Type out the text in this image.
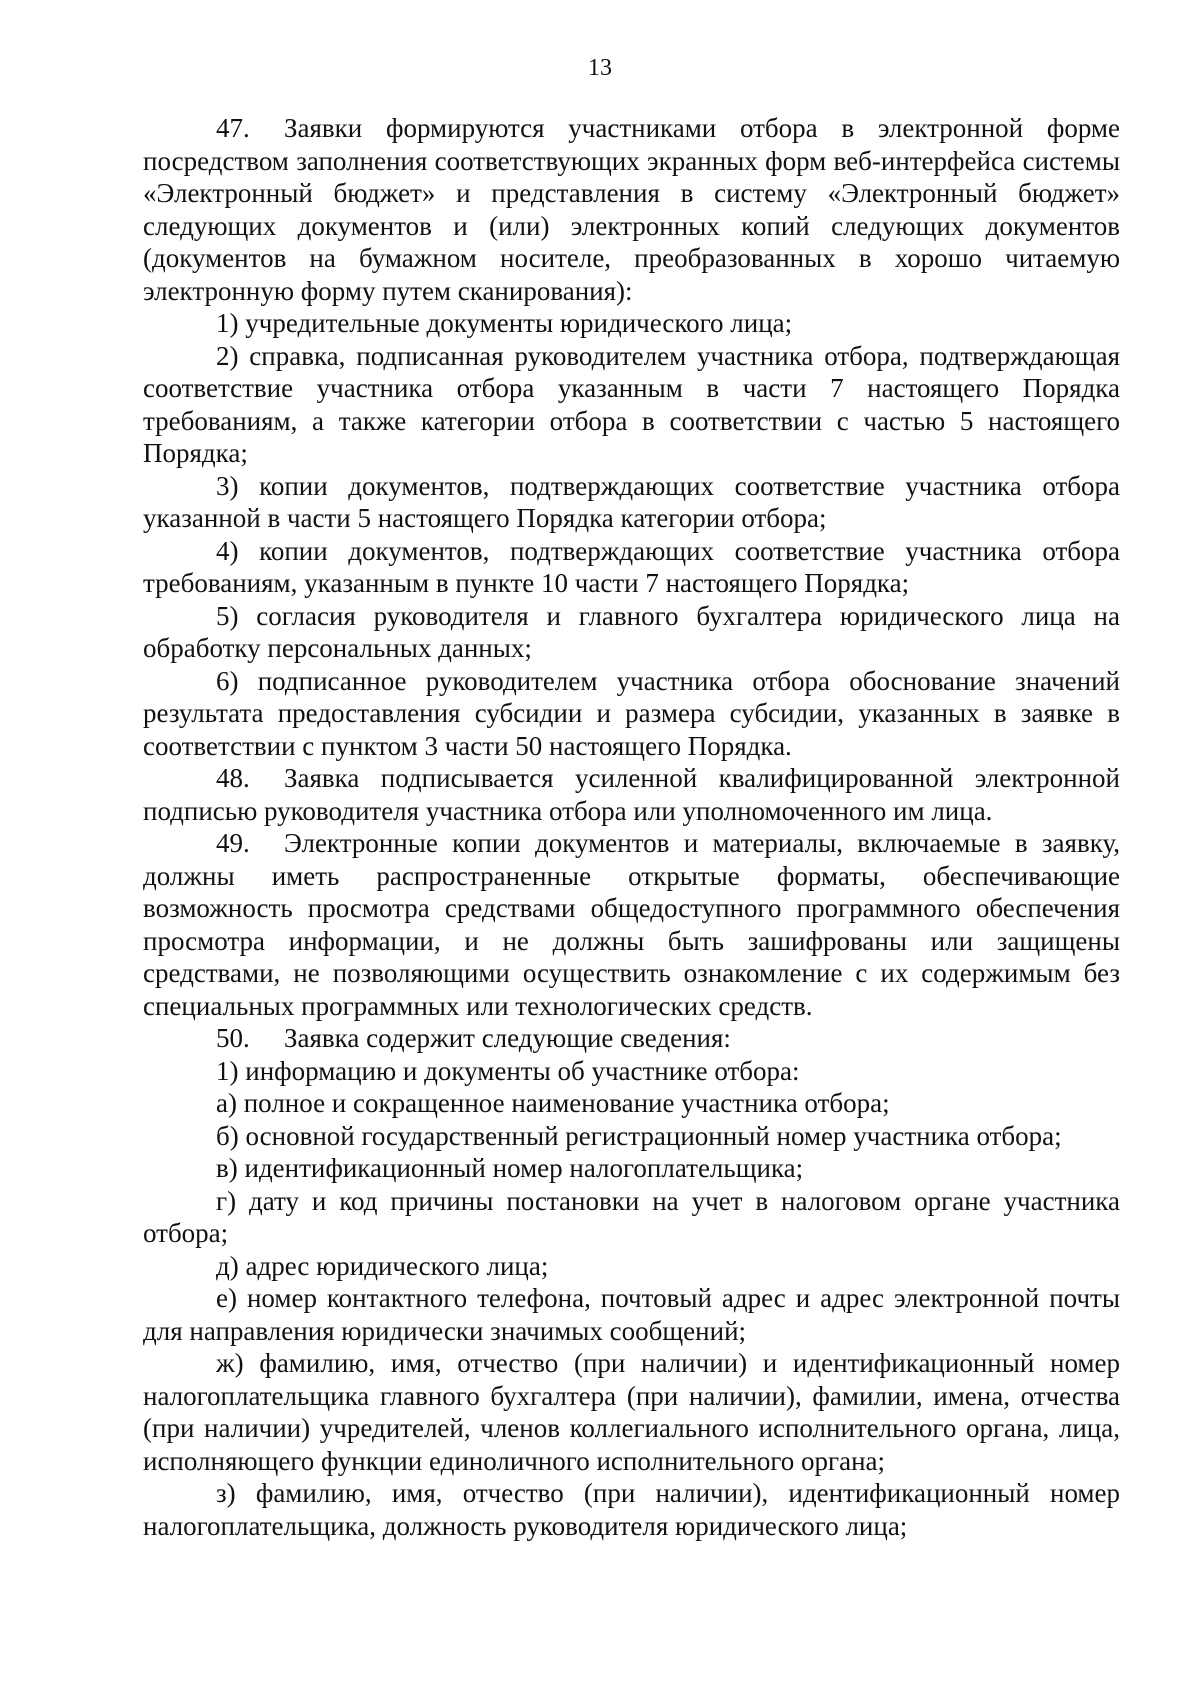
13

47. Заявки формируются участниками отбора в электронной форме посредством заполнения соответствующих экранных форм веб-интерфейса системы «Электронный бюджет» и представления в систему «Электронный бюджет» следующих документов и (или) электронных копий следующих документов (документов на бумажном носителе, преобразованных в хорошо читаемую электронную форму путем сканирования):

1) учредительные документы юридического лица;

2) справка, подписанная руководителем участника отбора, подтверждающая соответствие участника отбора указанным в части 7 настоящего Порядка требованиям, а также категории отбора в соответствии с частью 5 настоящего Порядка;

3) копии документов, подтверждающих соответствие участника отбора указанной в части 5 настоящего Порядка категории отбора;

4) копии документов, подтверждающих соответствие участника отбора требованиям, указанным в пункте 10 части 7 настоящего Порядка;

5) согласия руководителя и главного бухгалтера юридического лица на обработку персональных данных;

6) подписанное руководителем участника отбора обоснование значений результата предоставления субсидии и размера субсидии, указанных в заявке в соответствии с пунктом 3 части 50 настоящего Порядка.

48. Заявка подписывается усиленной квалифицированной электронной подписью руководителя участника отбора или уполномоченного им лица.

49. Электронные копии документов и материалы, включаемые в заявку, должны иметь распространенные открытые форматы, обеспечивающие возможность просмотра средствами общедоступного программного обеспечения просмотра информации, и не должны быть зашифрованы или защищены средствами, не позволяющими осуществить ознакомление с их содержимым без специальных программных или технологических средств.

50. Заявка содержит следующие сведения:

1) информацию и документы об участнике отбора:

а) полное и сокращенное наименование участника отбора;

б) основной государственный регистрационный номер участника отбора;

в) идентификационный номер налогоплательщика;

г) дату и код причины постановки на учет в налоговом органе участника отбора;

д) адрес юридического лица;

е) номер контактного телефона, почтовый адрес и адрес электронной почты для направления юридически значимых сообщений;

ж) фамилию, имя, отчество (при наличии) и идентификационный номер налогоплательщика главного бухгалтера (при наличии), фамилии, имена, отчества (при наличии) учредителей, членов коллегиального исполнительного органа, лица, исполняющего функции единоличного исполнительного органа;

з) фамилию, имя, отчество (при наличии), идентификационный номер налогоплательщика, должность руководителя юридического лица;
